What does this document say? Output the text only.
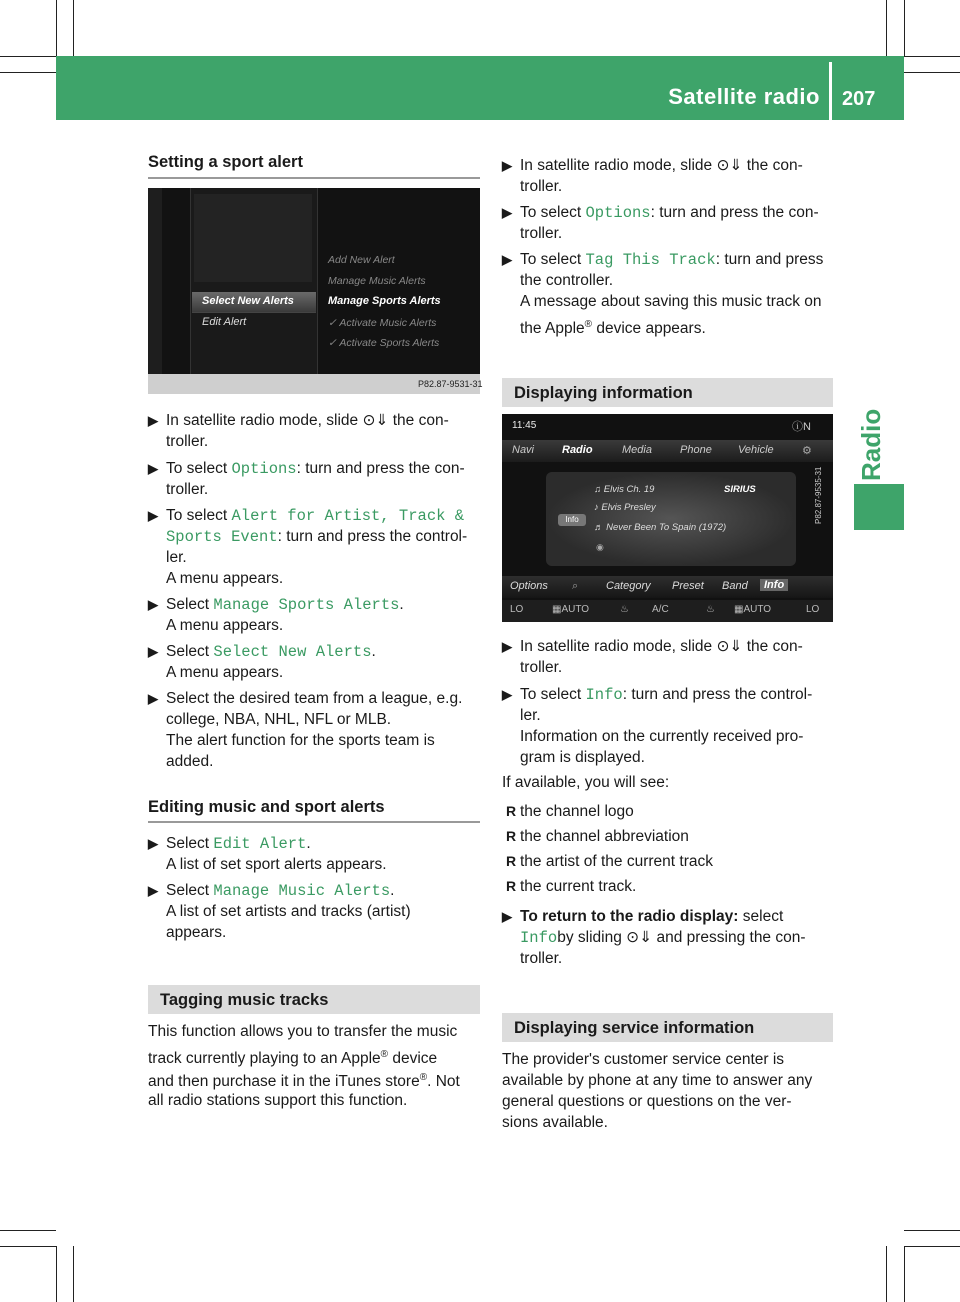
Satellite radio 207
Radio
Setting a sport alert
Select New Alerts
Edit Alert
Add New Alert
Manage Music Alerts
Manage Sports Alerts
✓ Activate Music Alerts
✓ Activate Sports Alerts
P82.87-9531-31
▶ In satellite radio mode, slide ⊙⇓ the con-
troller.
▶ To select Options: turn and press the con-
troller.
▶ To select Alert for Artist, Track &
Sports Event: turn and press the control-
ler.
A menu appears.
▶ Select Manage Sports Alerts.
A menu appears.
▶ Select Select New Alerts.
A menu appears.
▶ Select the desired team from a league, e.g.
college, NBA, NHL, NFL or MLB.
The alert function for the sports team is
added.
Editing music and sport alerts
▶ Select Edit Alert.
A list of set sport alerts appears.
▶ Select Manage Music Alerts.
A list of set artists and tracks (artist)
appears.
Tagging music tracks
This function allows you to transfer the music
track currently playing to an Apple® device
and then purchase it in the iTunes store®. Not
all radio stations support this function.
▶ In satellite radio mode, slide ⊙⇓ the con-
troller.
▶ To select Options: turn and press the con-
troller.
▶ To select Tag This Track: turn and press
the controller.
A message about saving this music track on
the Apple® device appears.
Displaying information
11:45	ⓘN
Navi	Radio	Media	Phone Vehicle	⚙
Info
♫ Elvis Ch. 19	SIRIUS
♪ Elvis Presley
♬ Never Been To Spain (1972)
◉
Options ⌕	Category Preset Band	Info
LO	▦AUTO	♨ A/C	♨ ▦AUTO	LO
P82.87-9535-31
▶ In satellite radio mode, slide ⊙⇓ the con-
troller.
▶ To select Info: turn and press the control-
ler.
Information on the currently received pro-
gram is displayed.
If available, you will see:
R the channel logo
R the channel abbreviation
R the artist of the current track
R the current track.
▶ To return to the radio display: select
Infoby sliding ⊙⇓ and pressing the con-
troller.
Displaying service information
The provider's customer service center is
available by phone at any time to answer any
general questions or questions on the ver-
sions available.
